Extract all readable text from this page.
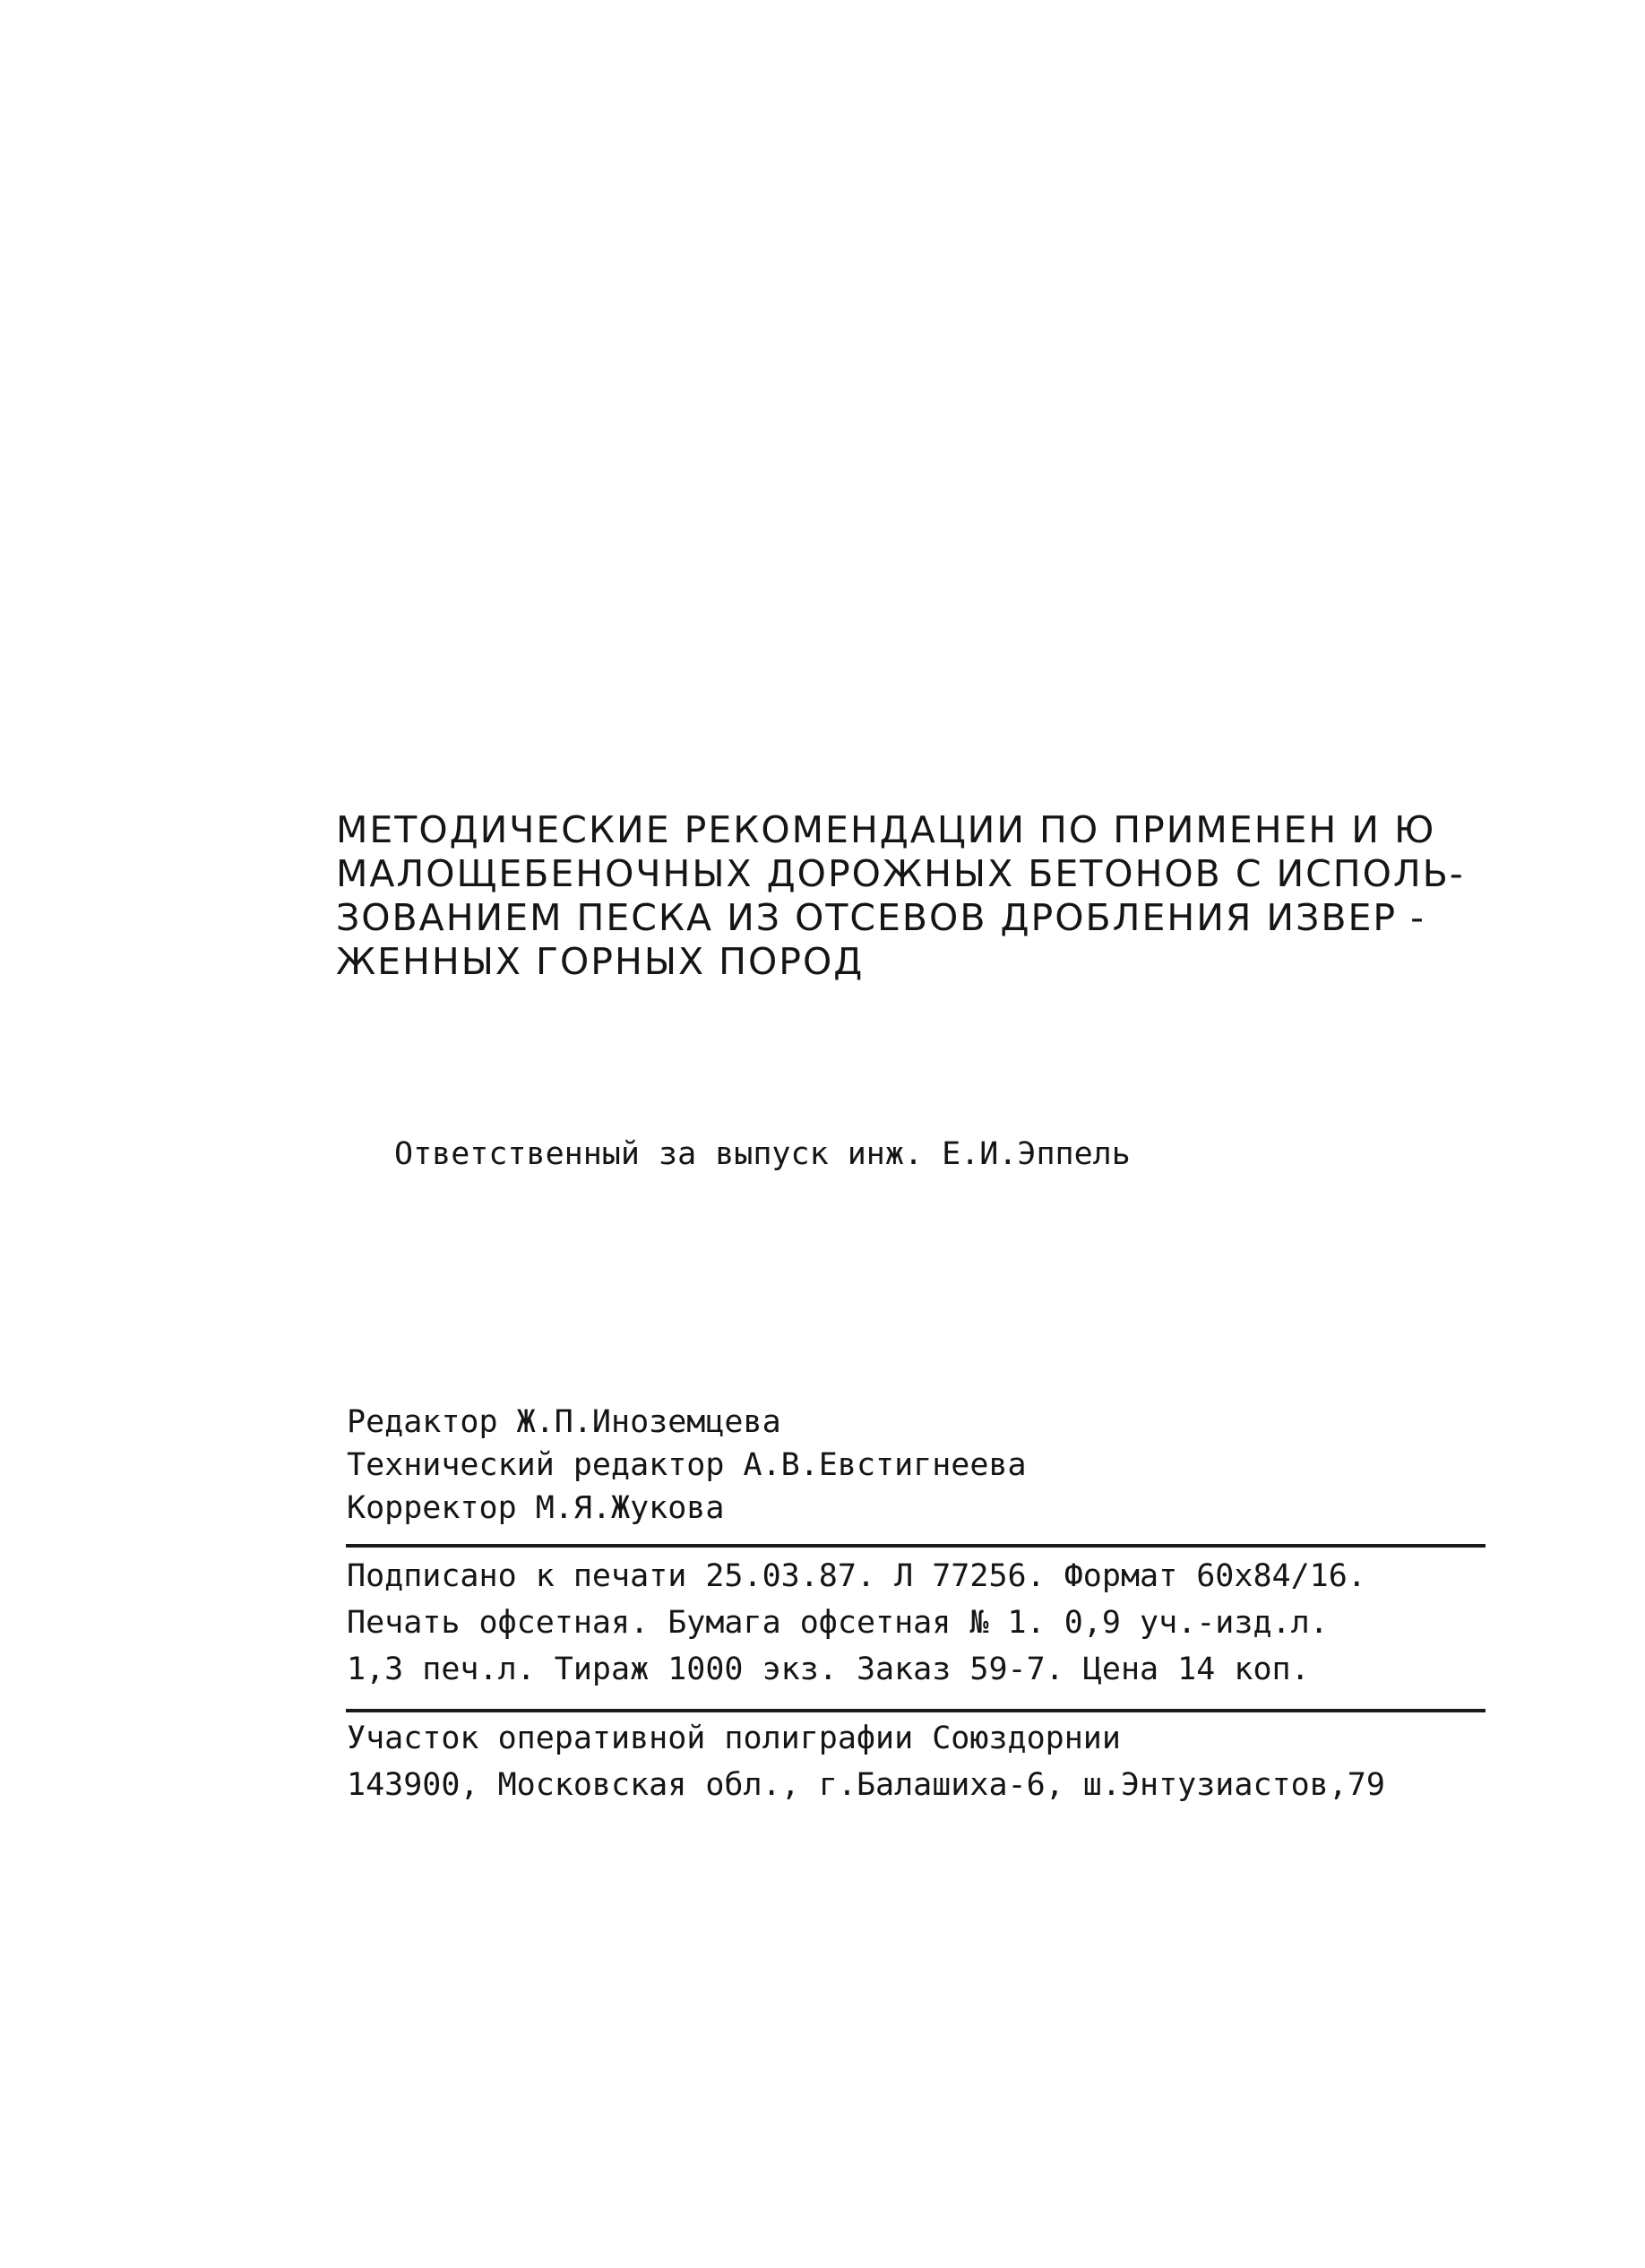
МЕТОДИЧЕСКИЕ РЕКОМЕНДАЦИИ ПО ПРИМЕНЕН И Ю

МАЛОЩЕБЕНОЧНЫХ ДОРОЖНЫХ БЕТОНОВ С ИСПОЛЬ-

ЗОВАНИЕМ ПЕСКА ИЗ ОТСЕВОВ ДРОБЛЕНИЯ ИЗВЕР -

ЖЕННЫХ ГОРНЫХ ПОРОД

Ответственный за выпуск инж. Е.И.Эппель

Редактор Ж.П.Иноземцева

Технический редактор А.В.Евстигнеева

Корректор М.Я.Жукова

Подписано к печати 25.03.87. Л 77256. Формат 60х84/16.

Печать офсетная. Бумага офсетная № 1. 0,9 уч.-изд.л.

1,3 печ.л. Тираж 1000 экз. Заказ 59-7. Цена 14 коп.

Участок оперативной полиграфии Союздорнии

143900, Московская обл., г.Балашиха-6, ш.Энтузиастов,79
